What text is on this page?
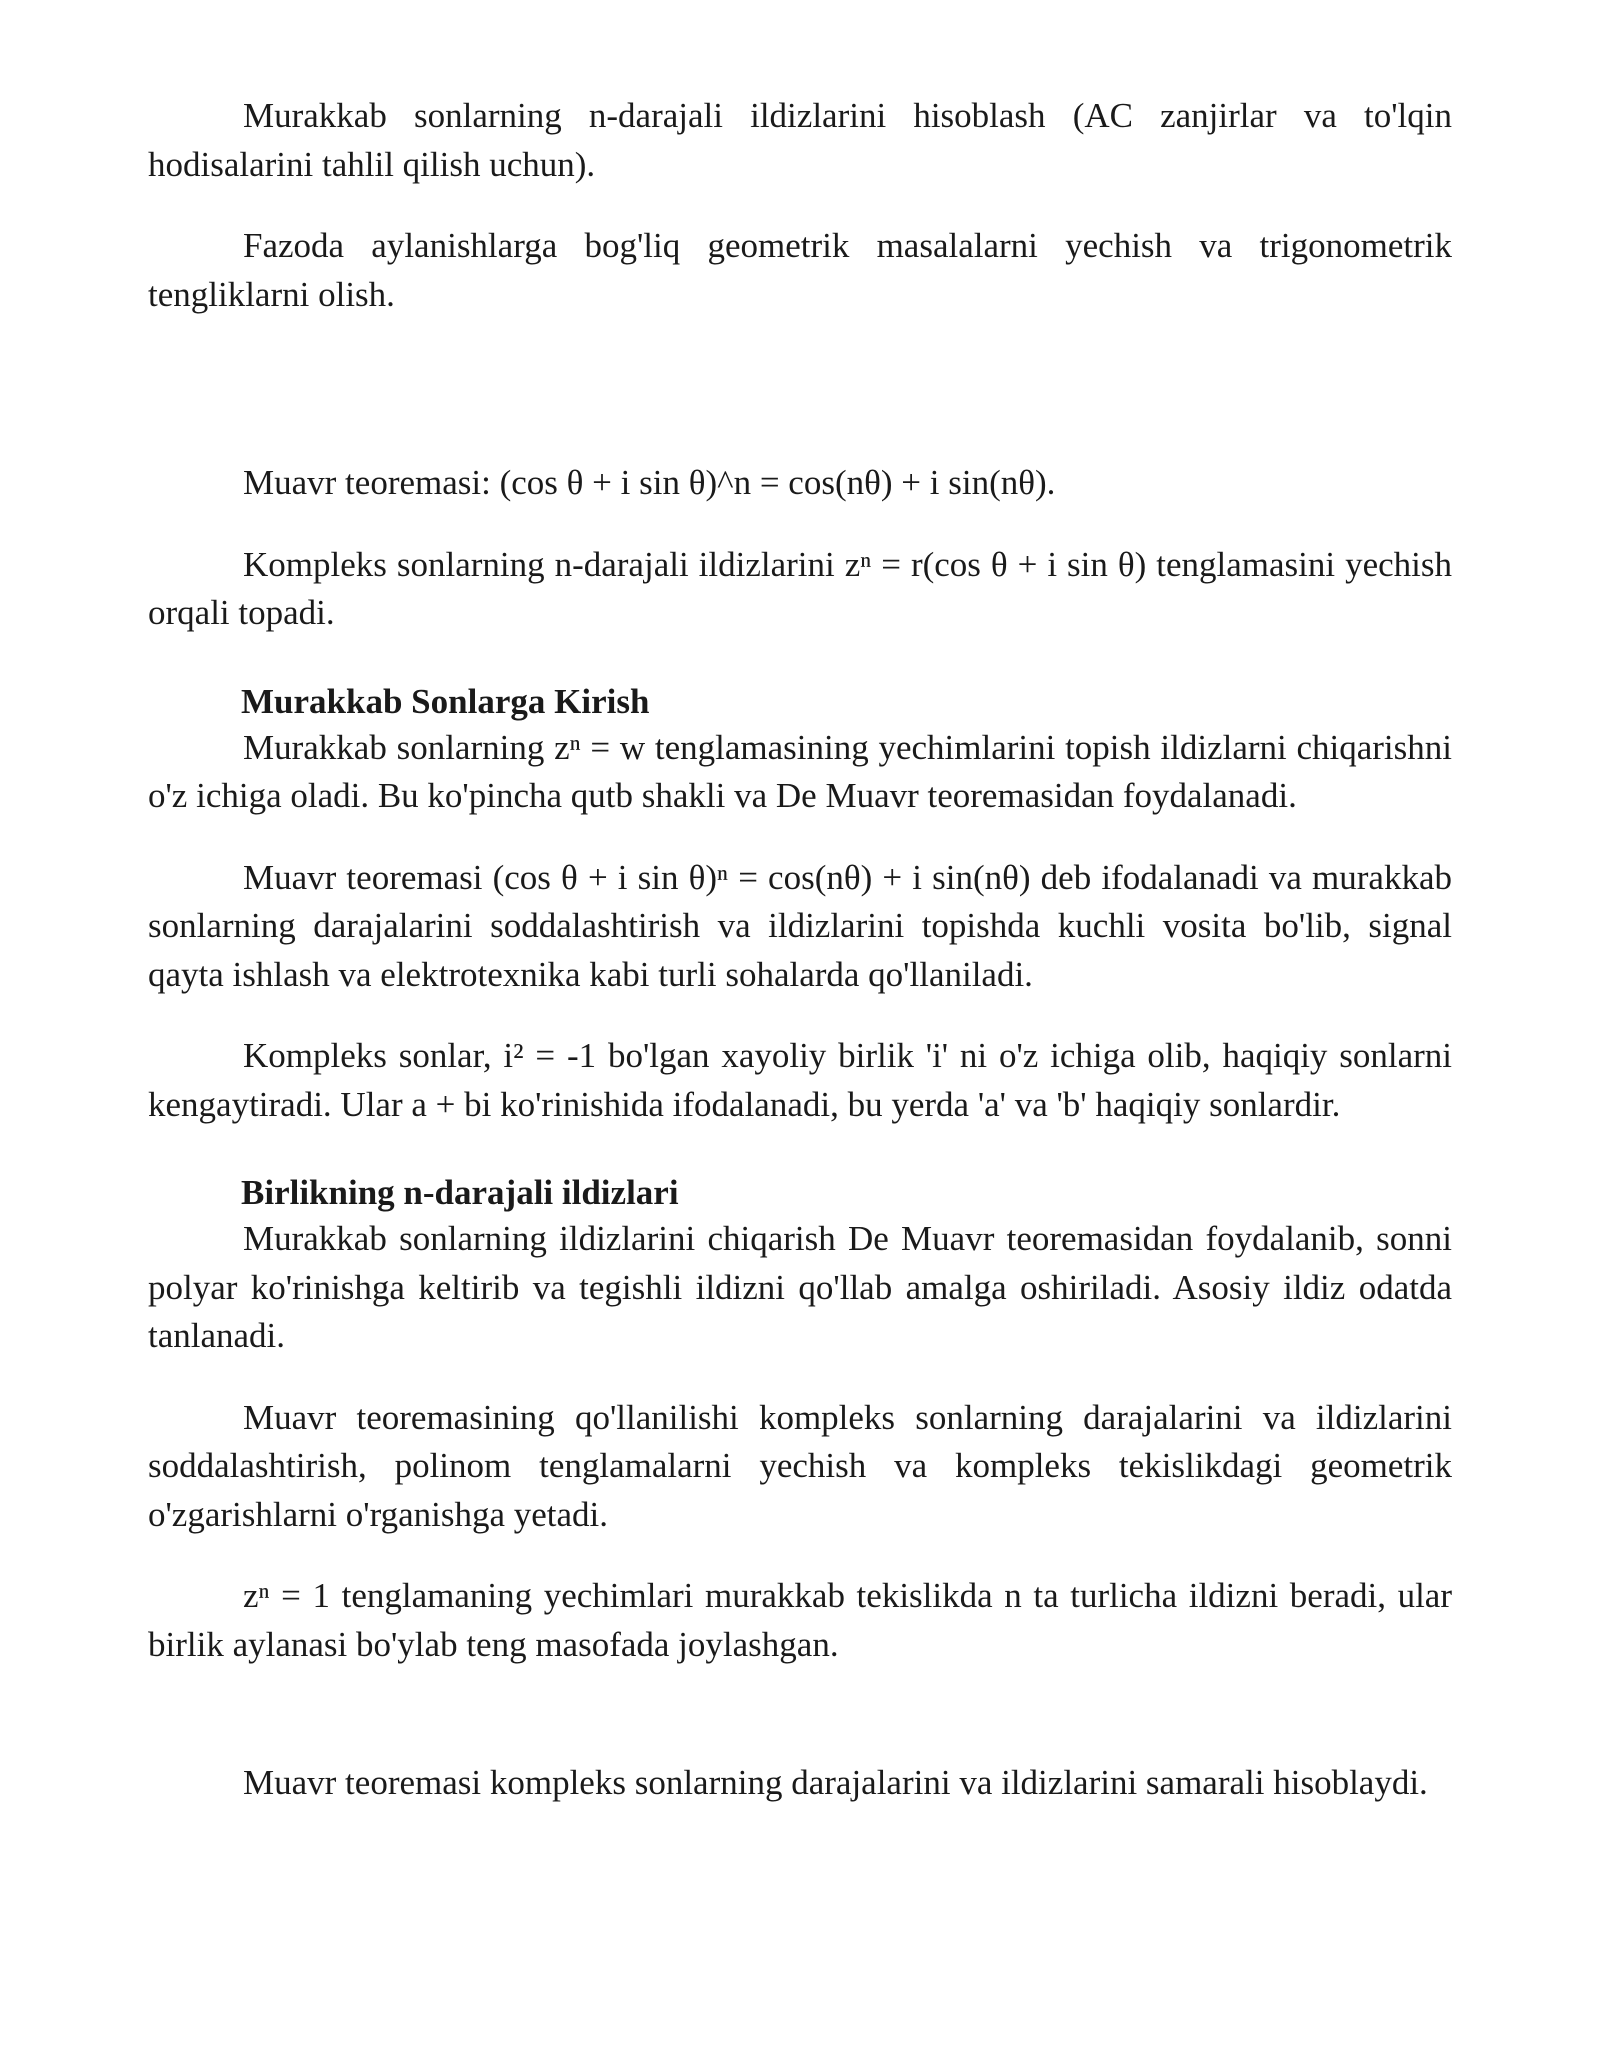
Murakkab sonlarning n-darajali ildizlarini hisoblash (AC zanjirlar va to'lqin hodisalarini tahlil qilish uchun).

Fazoda aylanishlarga bog'liq geometrik masalalarni yechish va trigonometrik tengliklarni olish.

Muavr teoremasi: (cos θ + i sin θ)^n = cos(nθ) + i sin(nθ).

Kompleks sonlarning n-darajali ildizlarini zⁿ = r(cos θ + i sin θ) tenglamasini yechish orqali topadi.

Murakkab Sonlarga Kirish

Murakkab sonlarning zⁿ = w tenglamasining yechimlarini topish ildizlarni chiqarishni o'z ichiga oladi. Bu ko'pincha qutb shakli va De Muavr teoremasidan foydalanadi.

Muavr teoremasi (cos θ + i sin θ)ⁿ = cos(nθ) + i sin(nθ) deb ifodalanadi va murakkab sonlarning darajalarini soddalashtirish va ildizlarini topishda kuchli vosita bo'lib, signal qayta ishlash va elektrotexnika kabi turli sohalarda qo'llaniladi.

Kompleks sonlar, i² = -1 bo'lgan xayoliy birlik 'i' ni o'z ichiga olib, haqiqiy sonlarni kengaytiradi. Ular a + bi ko'rinishida ifodalanadi, bu yerda 'a' va 'b' haqiqiy sonlardir.

Birlikning n-darajali ildizlari

Murakkab sonlarning ildizlarini chiqarish De Muavr teoremasidan foydalanib, sonni polyar ko'rinishga keltirib va tegishli ildizni qo'llab amalga oshiriladi. Asosiy ildiz odatda tanlanadi.

Muavr teoremasining qo'llanilishi kompleks sonlarning darajalarini va ildizlarini soddalashtirish, polinom tenglamalarni yechish va kompleks tekislikdagi geometrik o'zgarishlarni o'rganishga yetadi.

zⁿ = 1 tenglamaning yechimlari murakkab tekislikda n ta turlicha ildizni beradi, ular birlik aylanasi bo'ylab teng masofada joylashgan.

Muavr teoremasi kompleks sonlarning darajalarini va ildizlarini samarali hisoblaydi.
